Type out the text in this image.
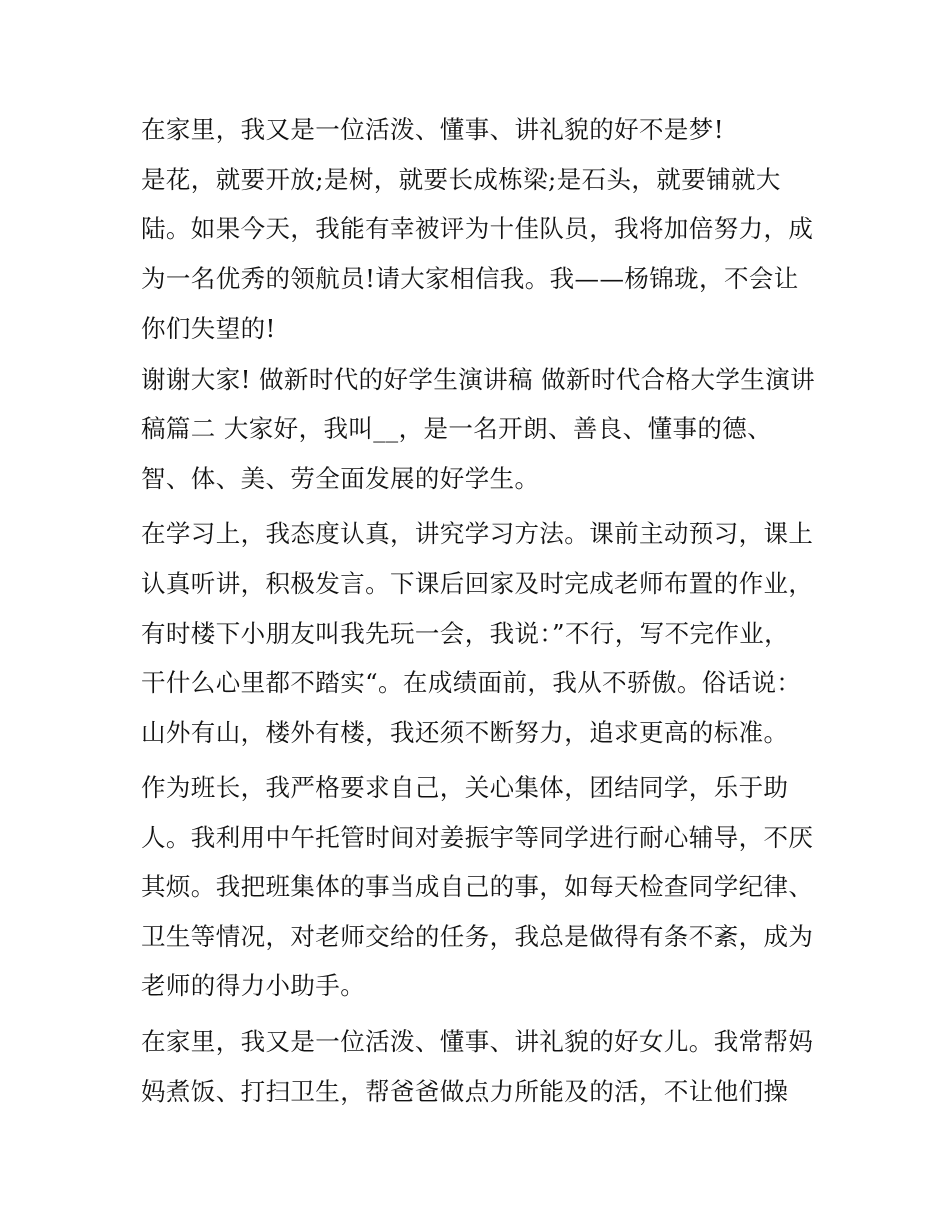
在家里，我又是一位活泼、懂事、讲礼貌的好不是梦!
是花，就要开放;是树，就要长成栋梁;是石头，就要铺就大
陆。如果今天，我能有幸被评为十佳队员，我将加倍努力，成
为一名优秀的领航员!请大家相信我。我——杨锦珑，不会让
你们失望的!
谢谢大家! 做新时代的好学生演讲稿 做新时代合格大学生演讲
稿篇二 大家好，我叫__，是一名开朗、善良、懂事的德、
智、体、美、劳全面发展的好学生。
在学习上，我态度认真，讲究学习方法。课前主动预习，课上
认真听讲，积极发言。下课后回家及时完成老师布置的作业，
有时楼下小朋友叫我先玩一会，我说：”不行，写不完作业，
干什么心里都不踏实“。在成绩面前，我从不骄傲。俗话说：
山外有山，楼外有楼，我还须不断努力，追求更高的标准。
作为班长，我严格要求自己，关心集体，团结同学，乐于助
人。我利用中午托管时间对姜振宇等同学进行耐心辅导，不厌
其烦。我把班集体的事当成自己的事，如每天检查同学纪律、
卫生等情况，对老师交给的任务，我总是做得有条不紊，成为
老师的得力小助手。
在家里，我又是一位活泼、懂事、讲礼貌的好女儿。我常帮妈
妈煮饭、打扫卫生，帮爸爸做点力所能及的活，不让他们操
